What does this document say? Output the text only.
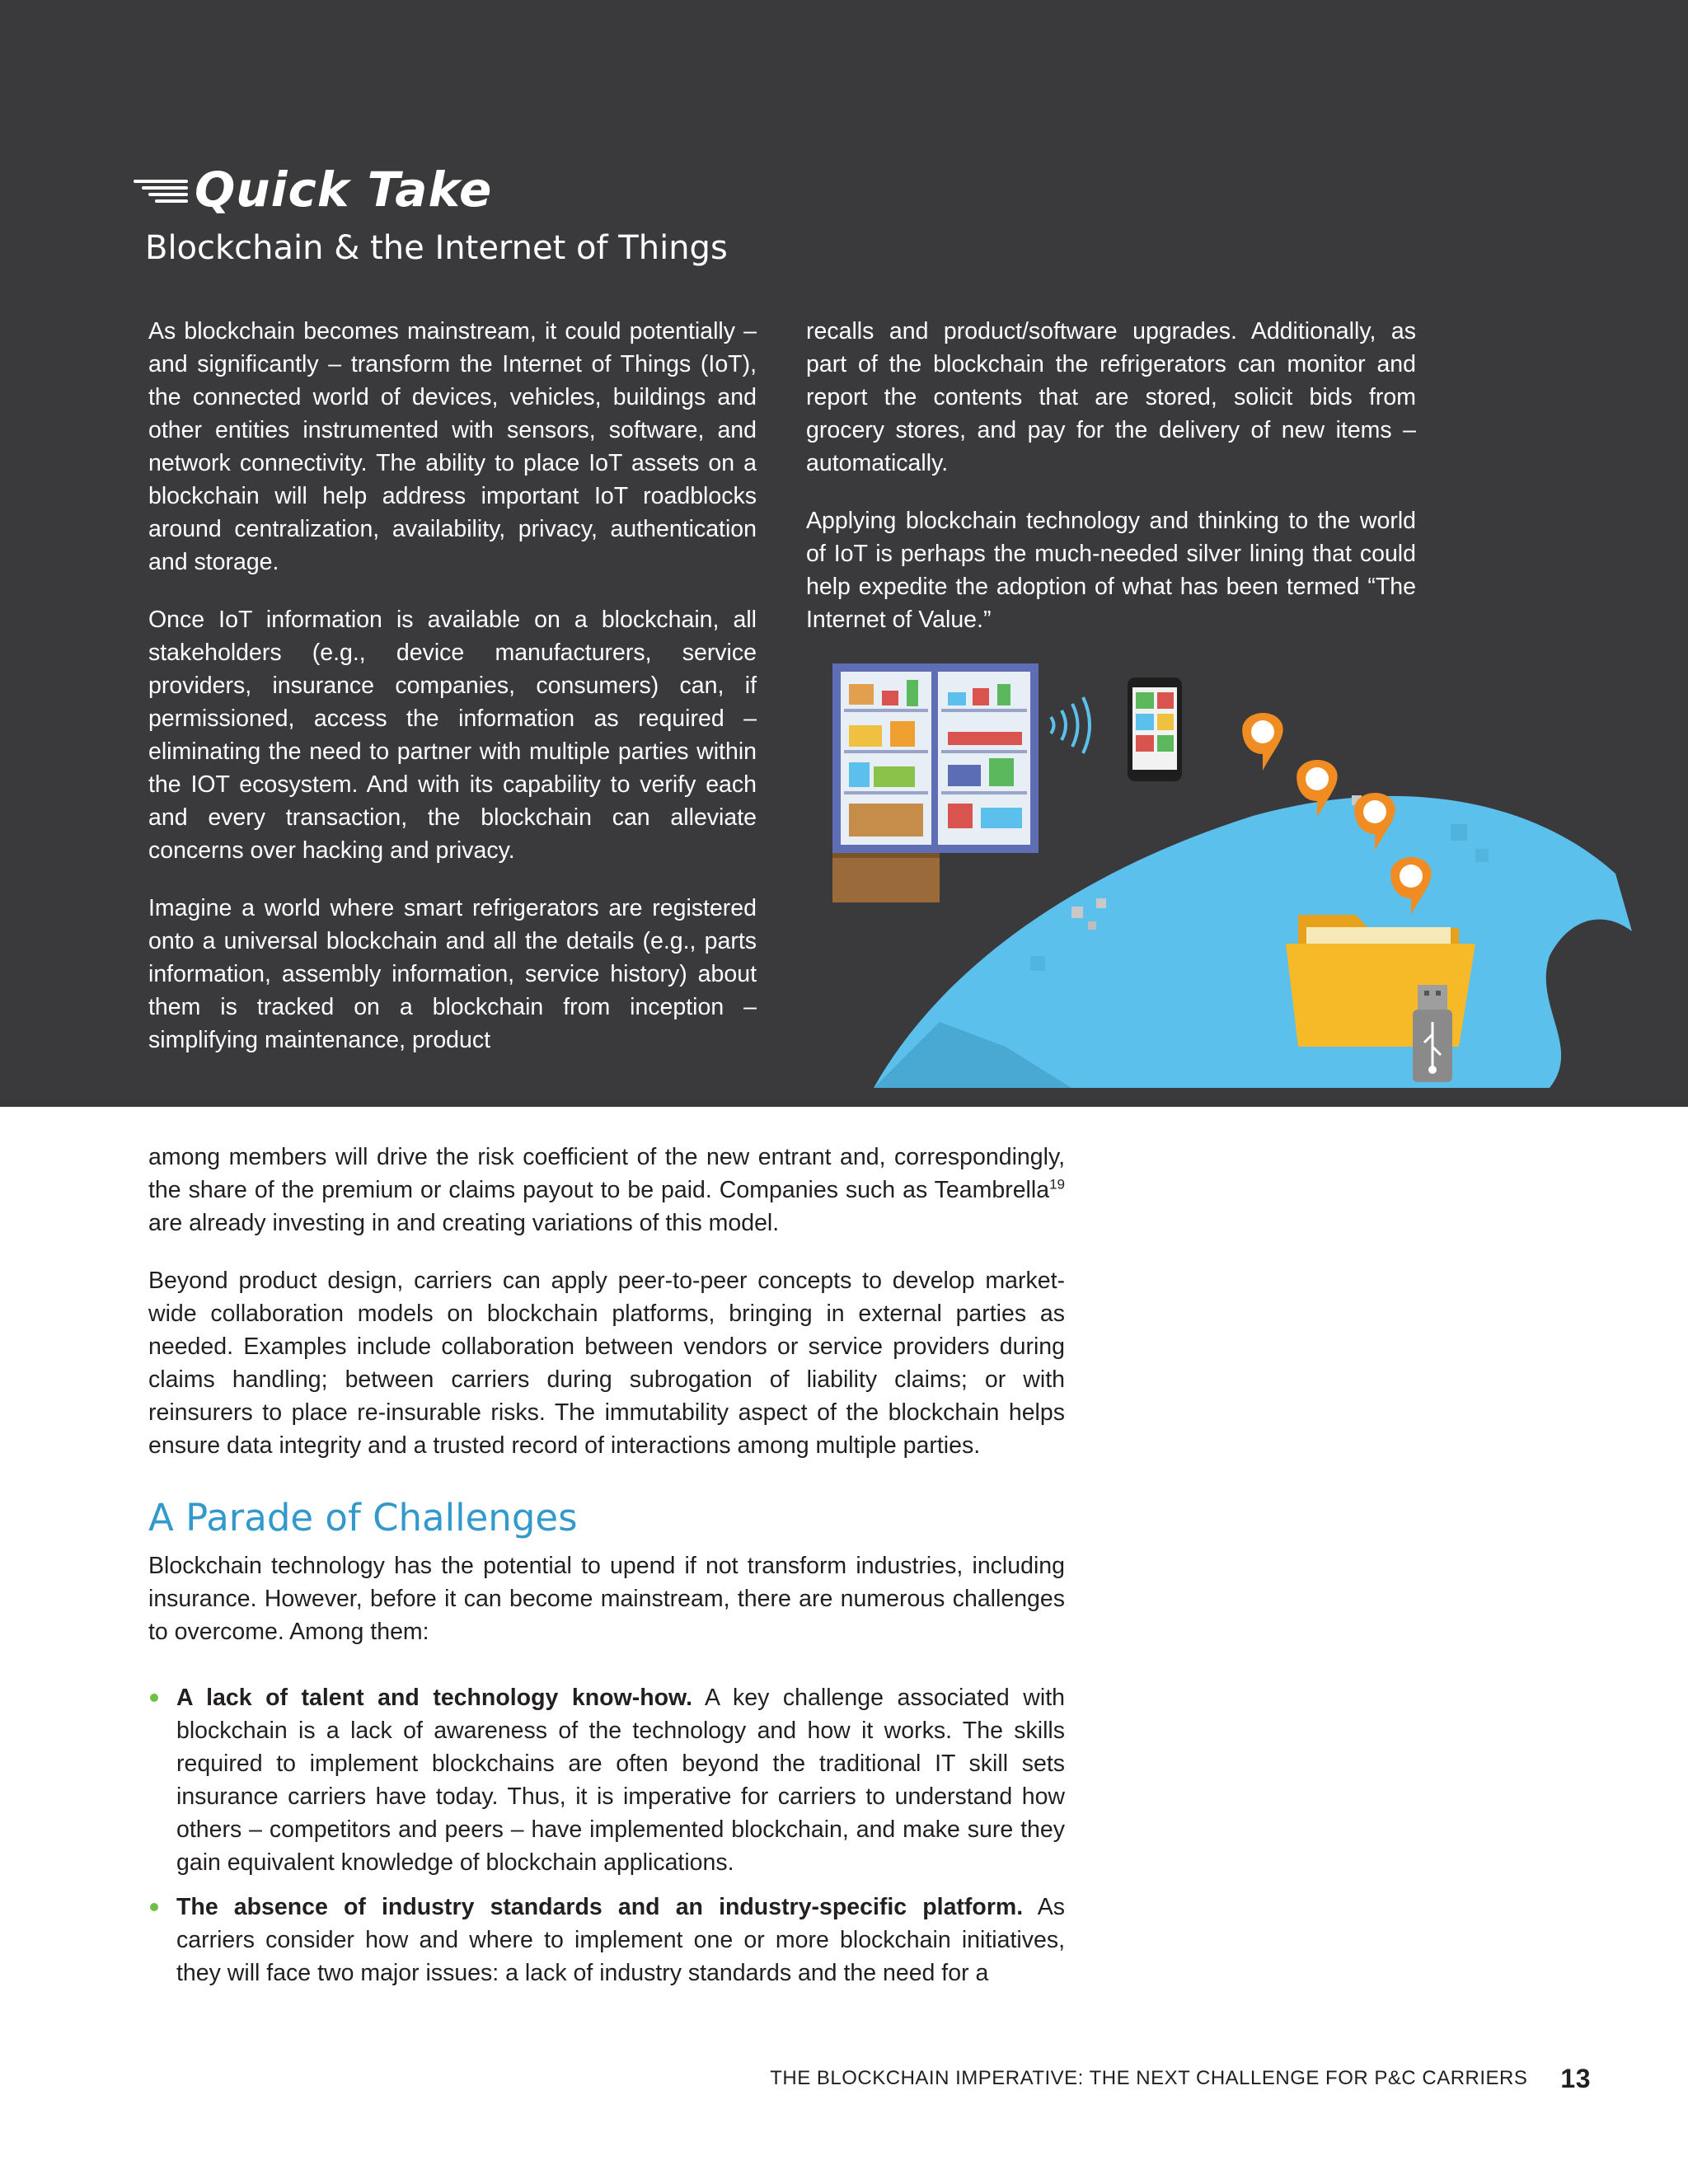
Quick Take
Blockchain & the Internet of Things

As blockchain becomes mainstream, it could potentially – and significantly – transform the Internet of Things (IoT), the connected world of devices, vehicles, buildings and other entities instrumented with sensors, software, and network connectivity. The ability to place IoT assets on a blockchain will help address important IoT roadblocks around centralization, availability, privacy, authentication and storage.

Once IoT information is available on a blockchain, all stakeholders (e.g., device manufacturers, service providers, insurance companies, consumers) can, if permissioned, access the information as required – eliminating the need to partner with multiple parties within the IOT ecosystem. And with its capability to verify each and every transaction, the blockchain can alleviate concerns over hacking and privacy.

Imagine a world where smart refrigerators are registered onto a universal blockchain and all the details (e.g., parts information, assembly information, service history) about them is tracked on a blockchain from inception – simplifying maintenance, product

recalls and product/software upgrades. Additionally, as part of the blockchain the refrigerators can monitor and report the contents that are stored, solicit bids from grocery stores, and pay for the delivery of new items – automatically.

Applying blockchain technology and thinking to the world of IoT is perhaps the much-needed silver lining that could help expedite the adoption of what has been termed “The Internet of Value.”

among members will drive the risk coefficient of the new entrant and, correspondingly, the share of the premium or claims payout to be paid. Companies such as Teambrella$^{19}$ are already investing in and creating variations of this model.

Beyond product design, carriers can apply peer-to-peer concepts to develop market-wide collaboration models on blockchain platforms, bringing in external parties as needed. Examples include collaboration between vendors or service providers during claims handling; between carriers during subrogation of liability claims; or with reinsurers to place re-insurable risks. The immutability aspect of the blockchain helps ensure data integrity and a trusted record of interactions among multiple parties.

A Parade of Challenges

Blockchain technology has the potential to upend if not transform industries, including insurance. However, before it can become mainstream, there are numerous challenges to overcome. Among them:

A lack of talent and technology know-how. A key challenge associated with blockchain is a lack of awareness of the technology and how it works. The skills required to implement blockchains are often beyond the traditional IT skill sets insurance carriers have today. Thus, it is imperative for carriers to understand how others – competitors and peers – have implemented blockchain, and make sure they gain equivalent knowledge of blockchain applications.
The absence of industry standards and an industry-specific platform. As carriers consider how and where to implement one or more blockchain initiatives, they will face two major issues: a lack of industry standards and the need for a
THE BLOCKCHAIN IMPERATIVE: THE NEXT CHALLENGE FOR P&C CARRIERS 13
